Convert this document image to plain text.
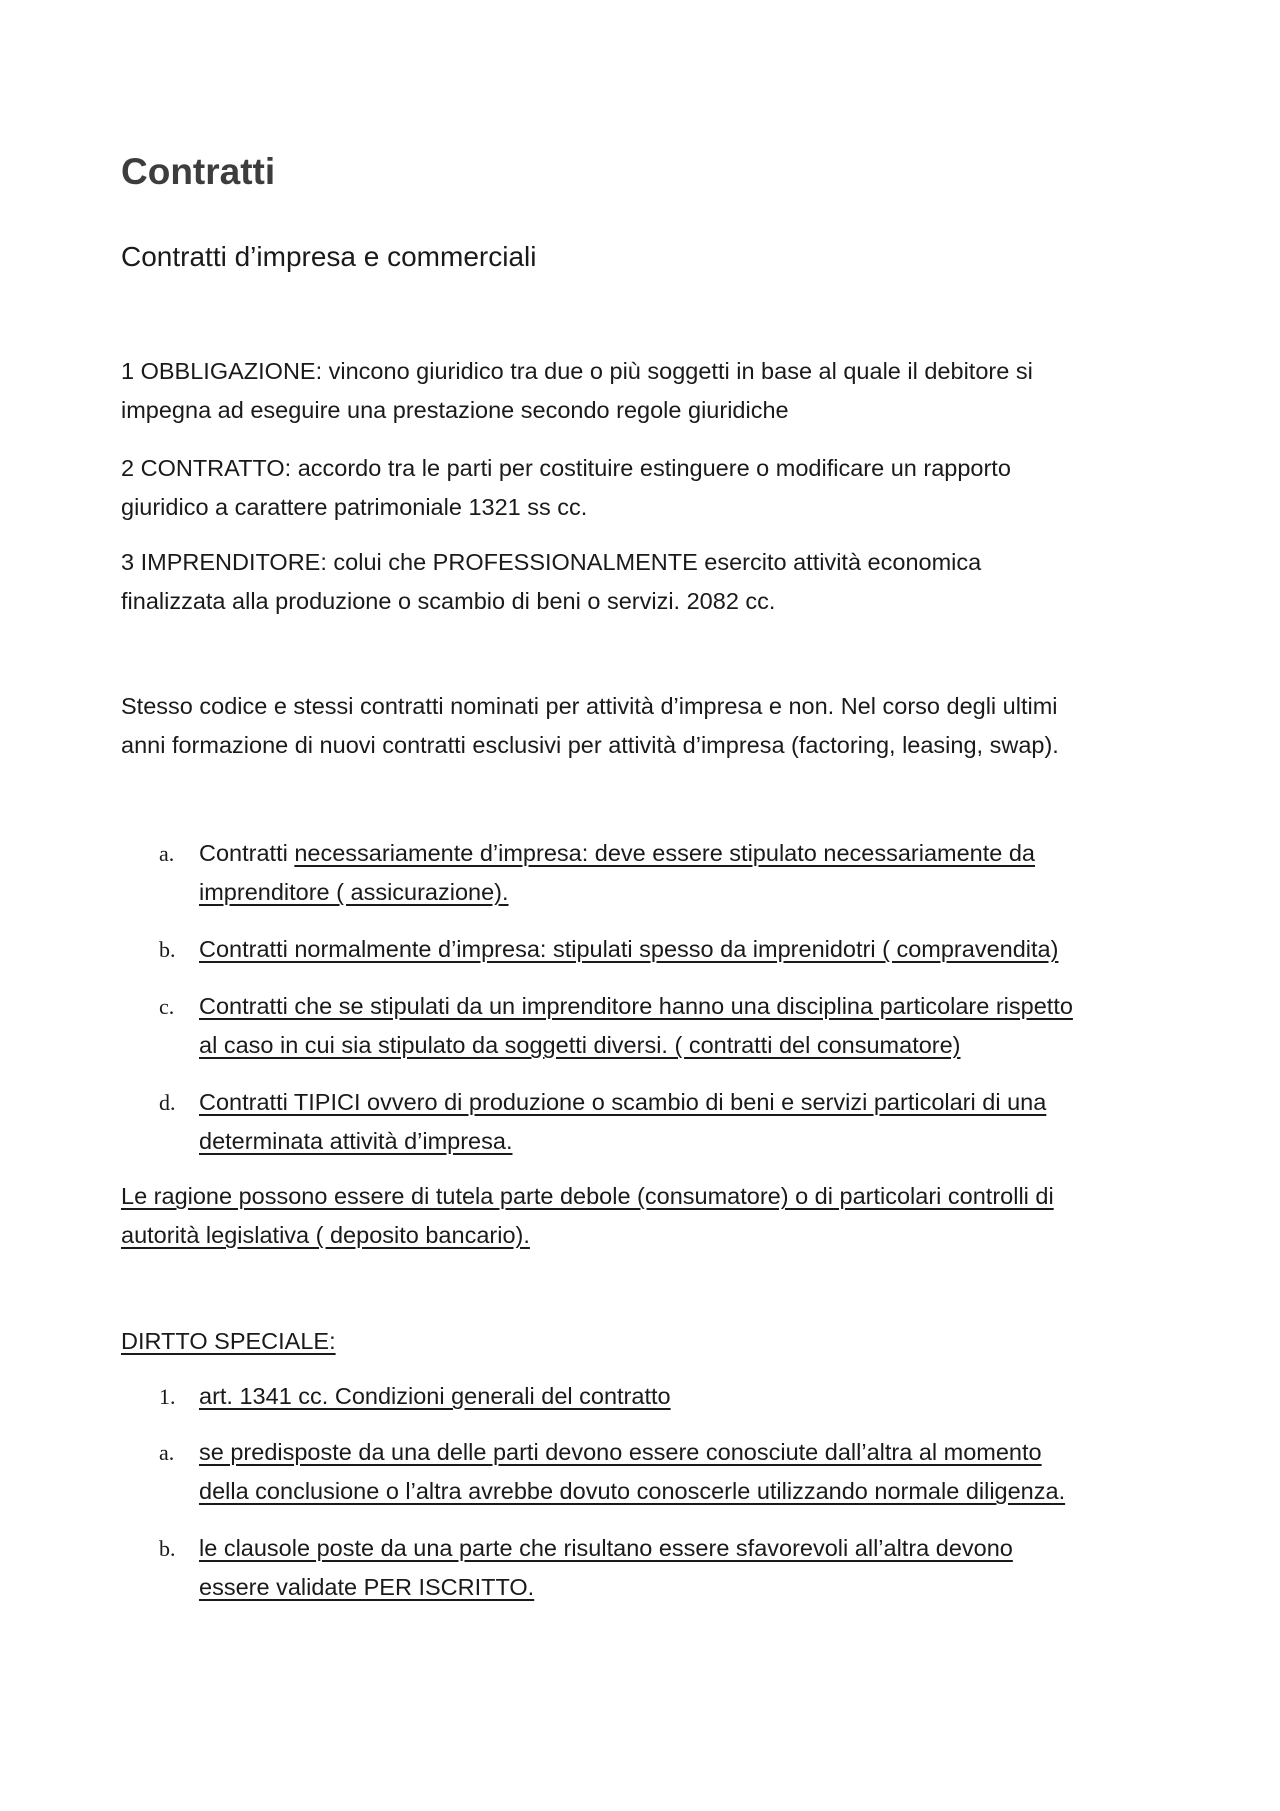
Contratti
Contratti d’impresa e commerciali

1 OBBLIGAZIONE: vincono giuridico tra due o più soggetti in base al quale il debitore si
impegna ad eseguire una prestazione secondo regole giuridiche

2 CONTRATTO: accordo tra le parti per costituire estinguere o modificare un rapporto
giuridico a carattere patrimoniale 1321 ss cc.

3 IMPRENDITORE: colui che PROFESSIONALMENTE esercito attività economica
finalizzata alla produzione o scambio di beni o servizi. 2082 cc.

Stesso codice e stessi contratti nominati per attività d’impresa e non. Nel corso degli ultimi
anni formazione di nuovi contratti esclusivi per attività d’impresa (factoring, leasing, swap).

a. Contratti necessariamente d’impresa: deve essere stipulato necessariamente da
imprenditore ( assicurazione).
b. Contratti normalmente d’impresa: stipulati spesso da imprenidotri ( compravendita)
c. Contratti che se stipulati da un imprenditore hanno una disciplina particolare rispetto
al caso in cui sia stipulato da soggetti diversi. ( contratti del consumatore)
d. Contratti TIPICI ovvero di produzione o scambio di beni e servizi particolari di una
determinata attività d’impresa.

Le ragione possono essere di tutela parte debole (consumatore) o di particolari controlli di
autorità legislativa ( deposito bancario).

DIRTTO SPECIALE:

1. art. 1341 cc. Condizioni generali del contratto
a. se predisposte da una delle parti devono essere conosciute dall’altra al momento
della conclusione o l’altra avrebbe dovuto conoscerle utilizzando normale diligenza.
b. le clausole poste da una parte che risultano essere sfavorevoli all’altra devono
essere validate PER ISCRITTO.
